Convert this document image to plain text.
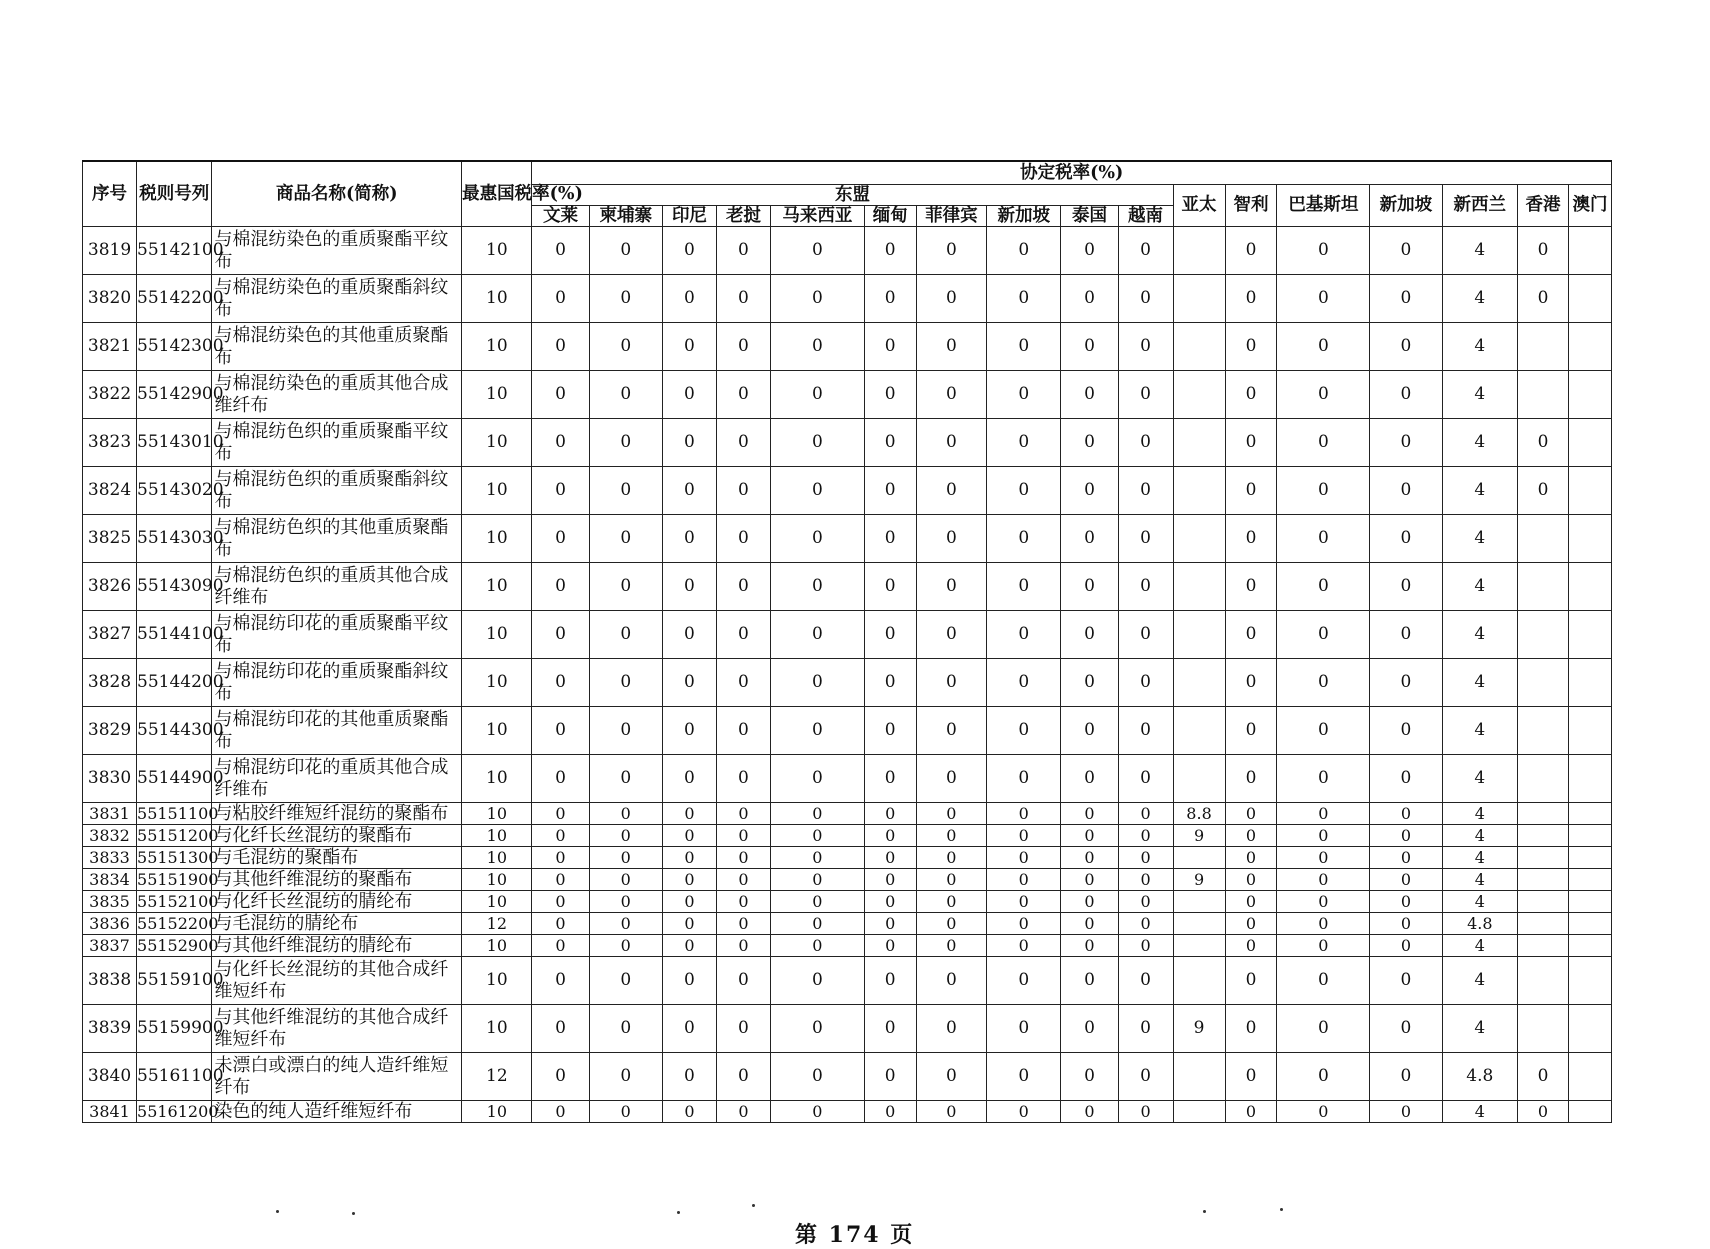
序号	税则号列	商品名称(简称)	最惠国税率(%)	协定税率(%)																
				东盟										亚太	智利	巴基斯坦	新加坡	新西兰	香港	澳门
				文莱	柬埔寨	印尼	老挝	马来西亚	缅甸	菲律宾	新加坡	泰国	越南							
3819	55142100	与棉混纺染色的重质聚酯平纹布	10	0	0	0	0	0	0	0	0	0	0		0	0	0	4	0	
3820	55142200	与棉混纺染色的重质聚酯斜纹布	10	0	0	0	0	0	0	0	0	0	0		0	0	0	4	0	
3821	55142300	与棉混纺染色的其他重质聚酯布	10	0	0	0	0	0	0	0	0	0	0		0	0	0	4		
3822	55142900	与棉混纺染色的重质其他合成维纤布	10	0	0	0	0	0	0	0	0	0	0		0	0	0	4		
3823	55143010	与棉混纺色织的重质聚酯平纹布	10	0	0	0	0	0	0	0	0	0	0		0	0	0	4	0	
3824	55143020	与棉混纺色织的重质聚酯斜纹布	10	0	0	0	0	0	0	0	0	0	0		0	0	0	4	0	
3825	55143030	与棉混纺色织的其他重质聚酯布	10	0	0	0	0	0	0	0	0	0	0		0	0	0	4		
3826	55143090	与棉混纺色织的重质其他合成纤维布	10	0	0	0	0	0	0	0	0	0	0		0	0	0	4		
3827	55144100	与棉混纺印花的重质聚酯平纹布	10	0	0	0	0	0	0	0	0	0	0		0	0	0	4		
3828	55144200	与棉混纺印花的重质聚酯斜纹布	10	0	0	0	0	0	0	0	0	0	0		0	0	0	4		
3829	55144300	与棉混纺印花的其他重质聚酯布	10	0	0	0	0	0	0	0	0	0	0		0	0	0	4		
3830	55144900	与棉混纺印花的重质其他合成纤维布	10	0	0	0	0	0	0	0	0	0	0		0	0	0	4		
3831	55151100	与粘胶纤维短纤混纺的聚酯布	10	0	0	0	0	0	0	0	0	0	0	8.8	0	0	0	4		
3832	55151200	与化纤长丝混纺的聚酯布	10	0	0	0	0	0	0	0	0	0	0	9	0	0	0	4		
3833	55151300	与毛混纺的聚酯布	10	0	0	0	0	0	0	0	0	0	0		0	0	0	4		
3834	55151900	与其他纤维混纺的聚酯布	10	0	0	0	0	0	0	0	0	0	0	9	0	0	0	4		
3835	55152100	与化纤长丝混纺的腈纶布	10	0	0	0	0	0	0	0	0	0	0		0	0	0	4		
3836	55152200	与毛混纺的腈纶布	12	0	0	0	0	0	0	0	0	0	0		0	0	0	4.8		
3837	55152900	与其他纤维混纺的腈纶布	10	0	0	0	0	0	0	0	0	0	0		0	0	0	4		
3838	55159100	与化纤长丝混纺的其他合成纤维短纤布	10	0	0	0	0	0	0	0	0	0	0		0	0	0	4		
3839	55159900	与其他纤维混纺的其他合成纤维短纤布	10	0	0	0	0	0	0	0	0	0	0	9	0	0	0	4		
3840	55161100	未漂白或漂白的纯人造纤维短纤布	12	0	0	0	0	0	0	0	0	0	0		0	0	0	4.8	0	
3841	55161200	染色的纯人造纤维短纤布	10	0	0	0	0	0	0	0	0	0	0		0	0	0	4	0	
第 174 页
